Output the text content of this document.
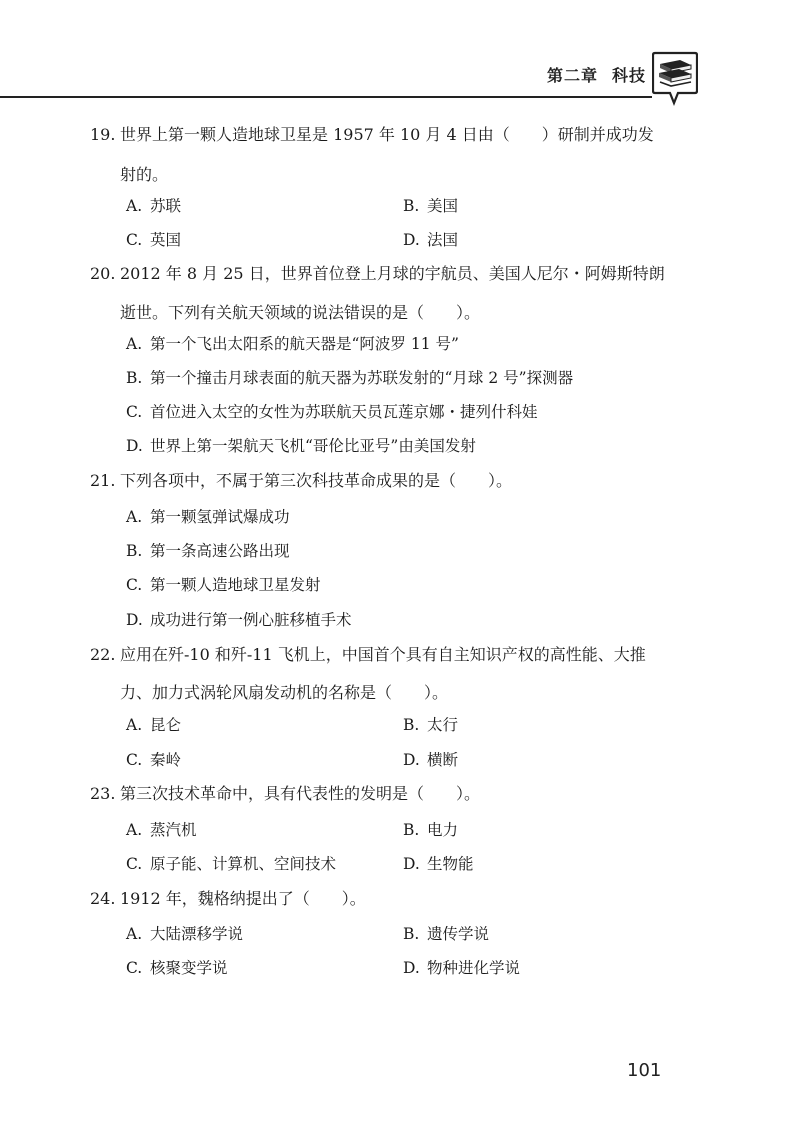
第二章 科技
19. 世界上第一颗人造地球卫星是 1957 年 10 月 4 日由（　　）研制并成功发
射的。
A. 苏联	B. 美国
C. 英国	D. 法国
20. 2012 年 8 月 25 日，世界首位登上月球的宇航员、美国人尼尔・阿姆斯特朗
逝世。下列有关航天领域的说法错误的是（　　）。
A. 第一个飞出太阳系的航天器是“阿波罗 11 号”
B. 第一个撞击月球表面的航天器为苏联发射的“月球 2 号”探测器
C. 首位进入太空的女性为苏联航天员瓦莲京娜・捷列什科娃
D. 世界上第一架航天飞机“哥伦比亚号”由美国发射
21. 下列各项中，不属于第三次科技革命成果的是（　　）。
A. 第一颗氢弹试爆成功
B. 第一条高速公路出现
C. 第一颗人造地球卫星发射
D. 成功进行第一例心脏移植手术
22. 应用在歼-10 和歼-11 飞机上，中国首个具有自主知识产权的高性能、大推
力、加力式涡轮风扇发动机的名称是（　　）。
A. 昆仑	B. 太行
C. 秦岭	D. 横断
23. 第三次技术革命中，具有代表性的发明是（　　）。
A. 蒸汽机	B. 电力
C. 原子能、计算机、空间技术	D. 生物能
24. 1912 年，魏格纳提出了（　　）。
A. 大陆漂移学说	B. 遗传学说
C. 核聚变学说	D. 物种进化学说
101
